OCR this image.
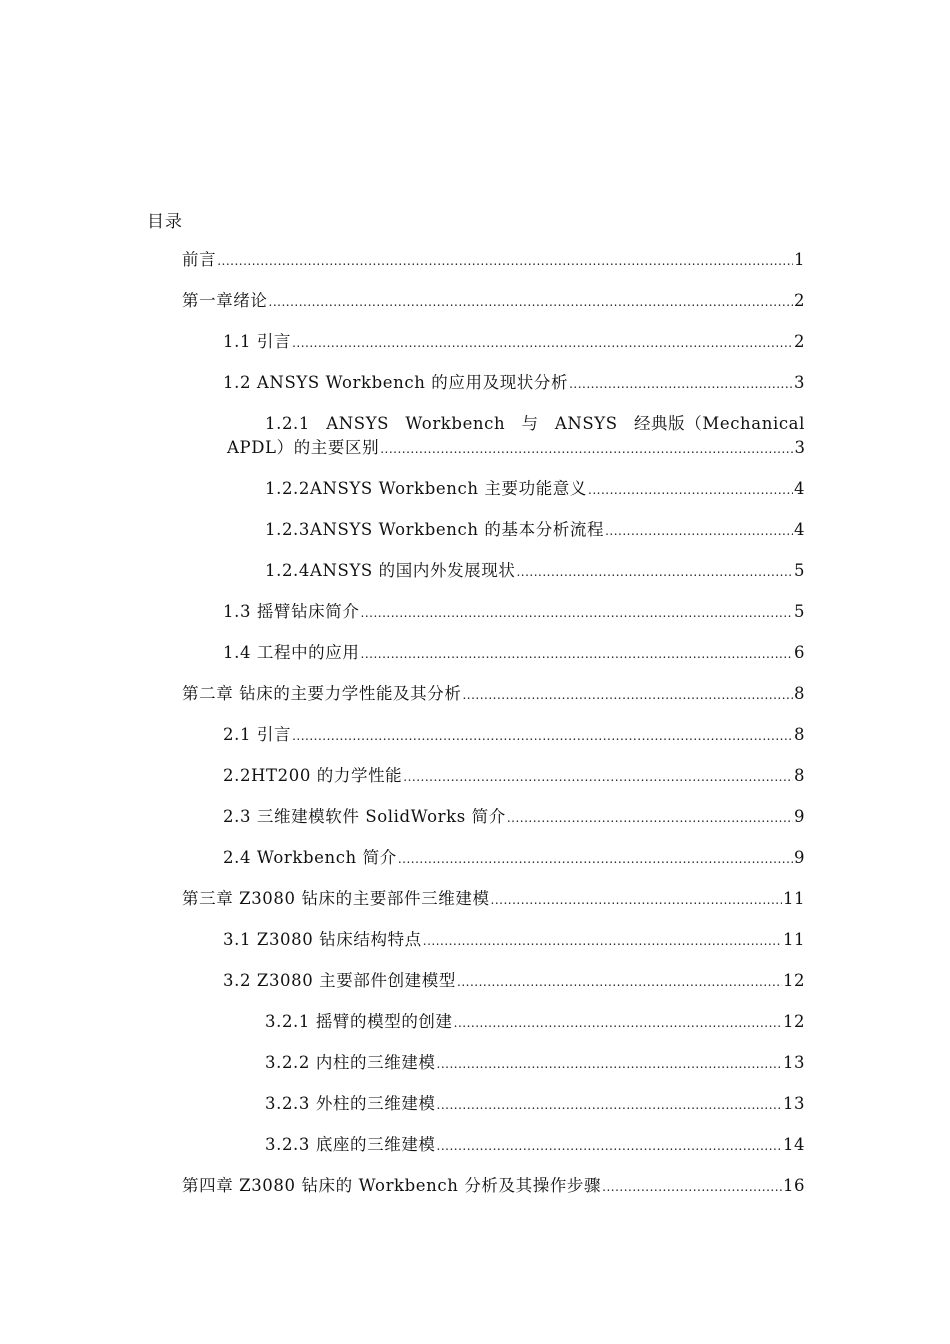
目录
前言 .....	1
第一章绪论 .....	2
1.1 引言 .....	2
1.2 ANSYS Workbench 的应用及现状分析 .....	3
1.2.1 ANSYS Workbench 与 ANSYS 经典版（Mechanical
APDL）的主要区别 .....	3
1.2.2ANSYS Workbench 主要功能意义 .....	4
1.2.3ANSYS Workbench 的基本分析流程 .....	4
1.2.4ANSYS 的国内外发展现状 .....	5
1.3 摇臂钻床简介 .....	5
1.4 工程中的应用 .....	6
第二章 钻床的主要力学性能及其分析 .....	8
2.1 引言 .....	8
2.2HT200 的力学性能 .....	8
2.3 三维建模软件 SolidWorks 简介 .....	9
2.4 Workbench 简介 .....	9
第三章 Z3080 钻床的主要部件三维建模 .....	11
3.1 Z3080 钻床结构特点 .....	11
3.2 Z3080 主要部件创建模型 .....	12
3.2.1 摇臂的模型的创建 .....	12
3.2.2 内柱的三维建模 .....	13
3.2.3 外柱的三维建模 .....	13
3.2.3 底座的三维建模 .....	14
第四章 Z3080 钻床的 Workbench 分析及其操作步骤 .....	16
